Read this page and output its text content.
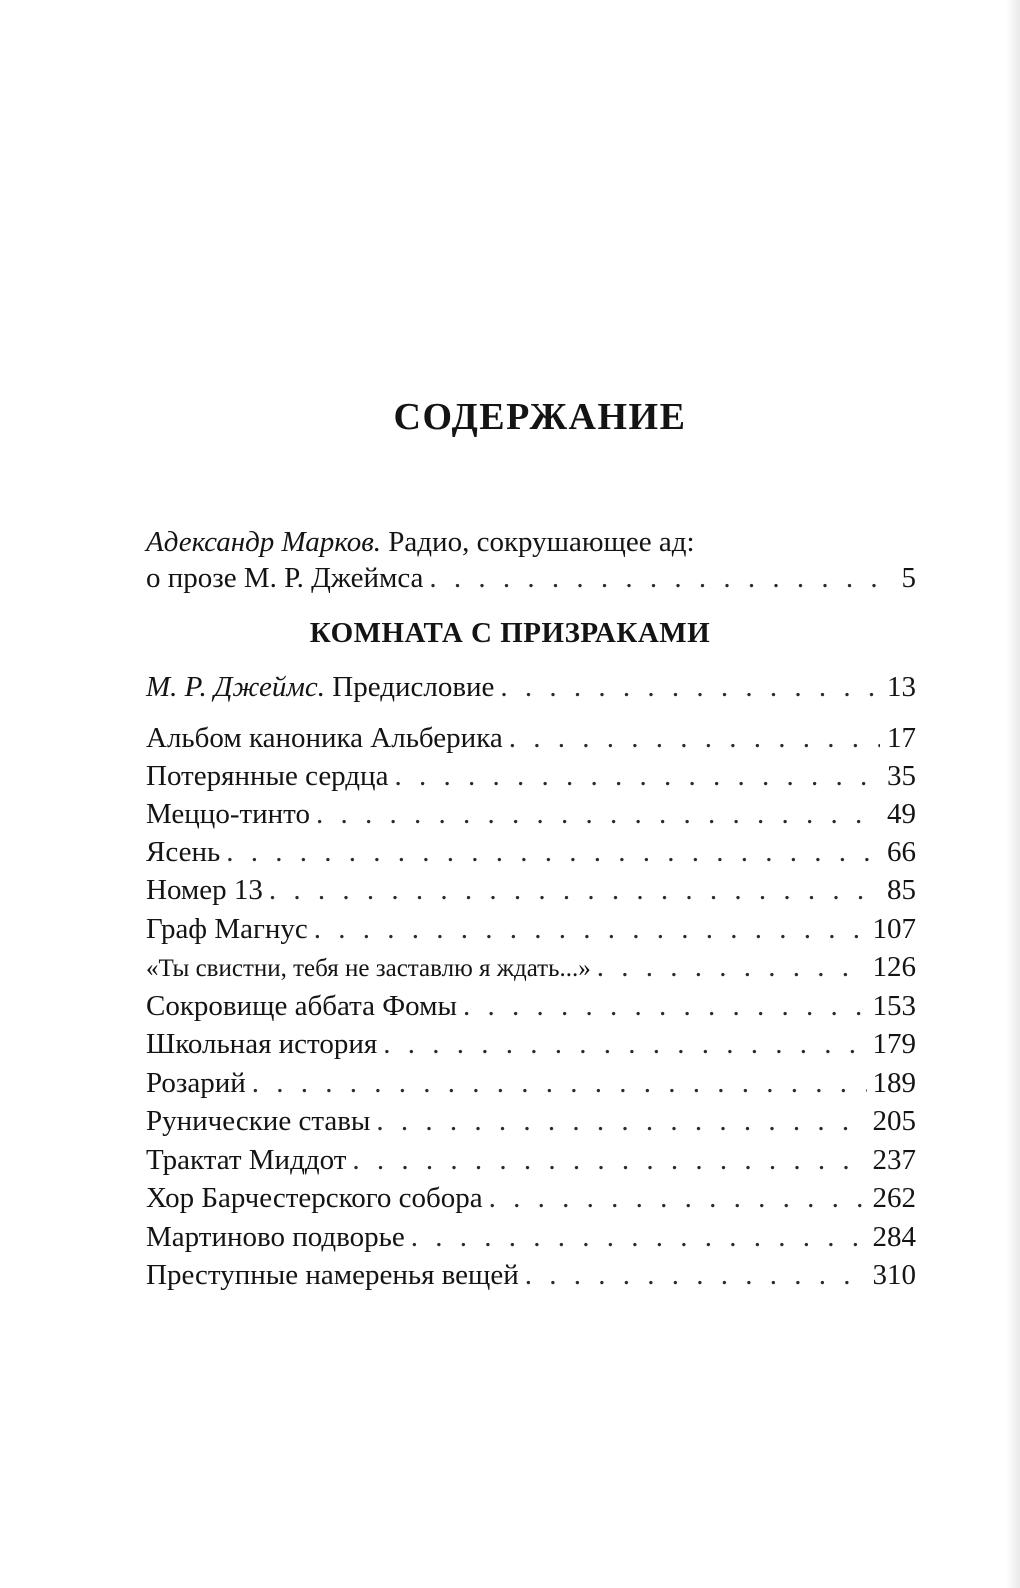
СОДЕРЖАНИЕ
Адександр Марков. Радио, сокрушающее ад:
о прозе М. Р. Джеймса . . .	5
М. Р. Джеймс. Предисловие . . .	13
Альбом каноника Альберика . . .	17
Потерянные сердца . . .	35
Меццо-тинто . . .	49
Ясень . . .	66
Номер 13 . . .	85
Граф Магнус . . .	107
«Ты свистни, тебя не заставлю я ждать...» . . .	126
Сокровище аббата Фомы . . .	153
Школьная история . . .	179
Розарий . . .	189
Рунические ставы . . .	205
Трактат Миддот . . .	237
Хор Барчестерского собора . . .	262
Мартиново подворье . . .	284
Преступные намеренья вещей . . .	310
КОМНАТА С ПРИЗРАКАМИ
